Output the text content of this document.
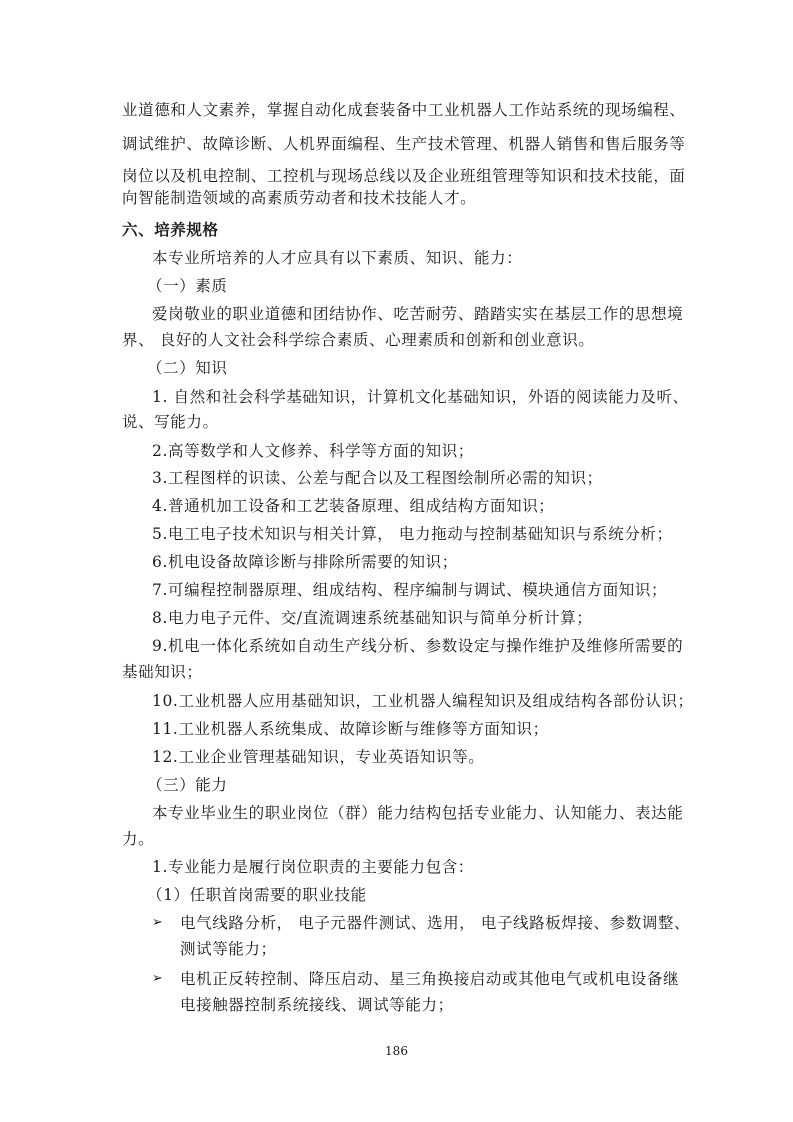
业道德和人文素养，掌握自动化成套装备中工业机器人工作站系统的现场编程、
调试维护、故障诊断、人机界面编程、生产技术管理、机器人销售和售后服务等
岗位以及机电控制、工控机与现场总线以及企业班组管理等知识和技术技能，面
向智能制造领域的高素质劳动者和技术技能人才。
六、培养规格
本专业所培养的人才应具有以下素质、知识、能力：
（一）素质
爱岗敬业的职业道德和团结协作、吃苦耐劳、踏踏实实在基层工作的思想境
界、 良好的人文社会科学综合素质、心理素质和创新和创业意识。
（二）知识
1. 自然和社会科学基础知识，计算机文化基础知识，外语的阅读能力及听、
说、写能力。
2.高等数学和人文修养、科学等方面的知识；
3.工程图样的识读、公差与配合以及工程图绘制所必需的知识；
4.普通机加工设备和工艺装备原理、组成结构方面知识；
5.电工电子技术知识与相关计算， 电力拖动与控制基础知识与系统分析；
6.机电设备故障诊断与排除所需要的知识；
7.可编程控制器原理、组成结构、程序编制与调试、模块通信方面知识；
8.电力电子元件、交/直流调速系统基础知识与简单分析计算；
9.机电一体化系统如自动生产线分析、参数设定与操作维护及维修所需要的
基础知识；
10.工业机器人应用基础知识，工业机器人编程知识及组成结构各部份认识；
11.工业机器人系统集成、故障诊断与维修等方面知识；
12.工业企业管理基础知识，专业英语知识等。
（三）能力
本专业毕业生的职业岗位（群）能力结构包括专业能力、认知能力、表达能
力。
1.专业能力是履行岗位职责的主要能力包含：
（1）任职首岗需要的职业技能
➢ 电气线路分析， 电子元器件测试、选用， 电子线路板焊接、参数调整、
测试等能力；
➢ 电机正反转控制、降压启动、星三角换接启动或其他电气或机电设备继
电接触器控制系统接线、调试等能力；
186
